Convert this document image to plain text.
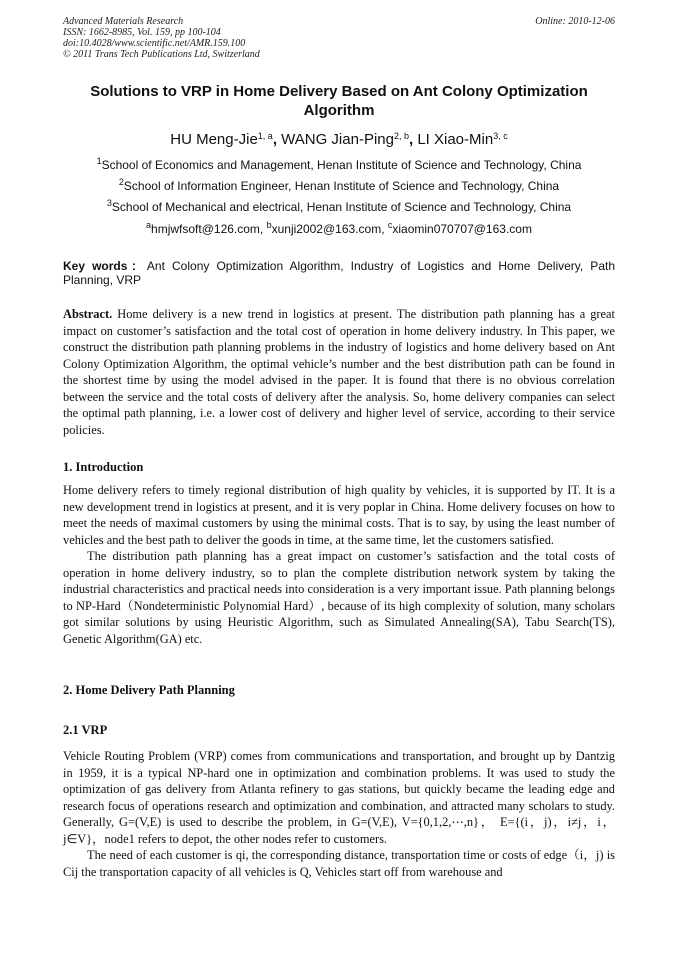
Advanced Materials Research
ISSN: 1662-8985, Vol. 159, pp 100-104
doi:10.4028/www.scientific.net/AMR.159.100
© 2011 Trans Tech Publications Ltd, Switzerland
Online: 2010-12-06
Solutions to VRP in Home Delivery Based on Ant Colony Optimization
Algorithm
HU Meng-Jie$^{1, a}$, WANG Jian-Ping$^{2, b}$, LI Xiao-Min$^{3, c}$
$^1$School of Economics and Management, Henan Institute of Science and Technology, China
$^2$School of Information Engineer, Henan Institute of Science and Technology, China
$^3$School of Mechanical and electrical, Henan Institute of Science and Technology, China
$^a$hmjwfsoft@126.com, $^b$xunji2002@163.com, $^c$xiaomin070707@163.com
Key words：Ant Colony Optimization Algorithm, Industry of Logistics and Home Delivery, Path Planning, VRP
Abstract. Home delivery is a new trend in logistics at present. The distribution path planning has a great impact on customer’s satisfaction and the total cost of operation in home delivery industry. In This paper, we construct the distribution path planning problems in the industry of logistics and home delivery based on Ant Colony Optimization Algorithm, the optimal vehicle’s number and the best distribution path can be found in the shortest time by using the model advised in the paper. It is found that there is no obvious correlation between the service and the total costs of delivery after the analysis. So, home delivery companies can select the optimal path planning, i.e. a lower cost of delivery and higher level of service, according to their service policies.
1. Introduction
Home delivery refers to timely regional distribution of high quality by vehicles, it is supported by IT. It is a new development trend in logistics at present, and it is very poplar in China. Home delivery focuses on how to meet the needs of maximal customers by using the minimal costs. That is to say, by using the least number of vehicles and the best path to deliver the goods in time, at the same time, let the customers satisfied.
The distribution path planning has a great impact on customer’s satisfaction and the total costs of operation in home delivery industry, so to plan the complete distribution network system by taking the industrial characteristics and practical needs into consideration is a very important issue. Path planning belongs to NP-Hard（Nondeterministic Polynomial Hard）, because of its high complexity of solution, many scholars got similar solutions by using Heuristic Algorithm, such as Simulated Annealing(SA), Tabu Search(TS), Genetic Algorithm(GA) etc.
2. Home Delivery Path Planning
2.1 VRP
Vehicle Routing Problem (VRP) comes from communications and transportation, and brought up by Dantzig in 1959, it is a typical NP-hard one in optimization and combination problems. It was used to study the optimization of gas delivery from Atlanta refinery to gas stations, but quickly became the leading edge and research focus of operations research and optimization and combination, and attracted many scholars to study. Generally, G=(V,E) is used to describe the problem, in G=(V,E), V={0,1,2,⋯,n}， E={(i，j)，i≠j，i，j∈V}，node1 refers to depot, the other nodes refer to customers.
The need of each customer is qi, the corresponding distance, transportation time or costs of edge（i，j) is Cij the transportation capacity of all vehicles is Q, Vehicles start off from warehouse and
